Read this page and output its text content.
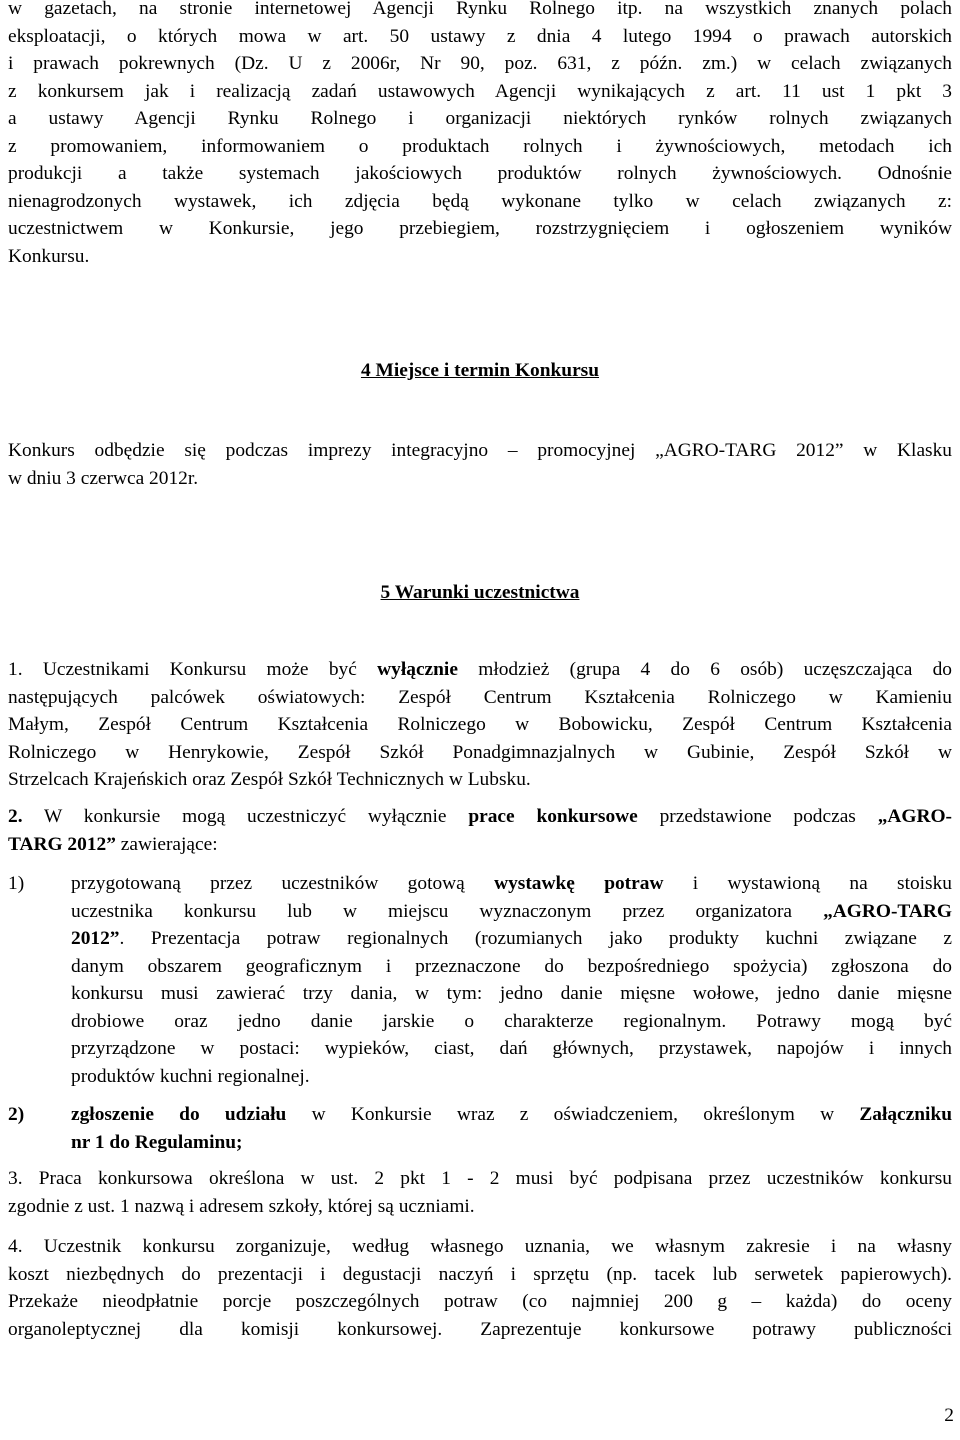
w gazetach, na stronie internetowej Agencji Rynku Rolnego itp. na wszystkich znanych polach

eksploatacji, o których mowa w art. 50 ustawy z dnia 4 lutego 1994 o prawach autorskich

i prawach pokrewnych (Dz. U z 2006r, Nr 90, poz. 631, z późn. zm.) w celach związanych

z konkursem jak i realizacją zadań ustawowych Agencji wynikających z art. 11 ust 1 pkt 3

a ustawy Agencji Rynku Rolnego i organizacji niektórych rynków rolnych związanych

z promowaniem, informowaniem o produktach rolnych i żywnościowych, metodach ich

produkcji a także systemach jakościowych produktów rolnych żywnościowych. Odnośnie

nienagrodzonych wystawek, ich zdjęcia będą wykonane tylko w celach związanych z:

uczestnictwem w Konkursie, jego przebiegiem, rozstrzygnięciem i ogłoszeniem wyników

Konkursu.

4 Miejsce i termin Konkursu

Konkurs odbędzie się podczas imprezy integracyjno – promocyjnej „AGRO-TARG 2012” w Klasku

w dniu 3 czerwca 2012r.

5 Warunki uczestnictwa

1. Uczestnikami Konkursu może być wyłącznie młodzież (grupa 4 do 6 osób) uczęszczająca do

następujących palcówek oświatowych: Zespół Centrum Kształcenia Rolniczego w Kamieniu

Małym, Zespół Centrum Kształcenia Rolniczego w Bobowicku, Zespół Centrum Kształcenia

Rolniczego w Henrykowie, Zespół Szkół Ponadgimnazjalnych w Gubinie, Zespół Szkół w

Strzelcach Krajeńskich oraz Zespół Szkół Technicznych w Lubsku.

2. W konkursie mogą uczestniczyć wyłącznie prace konkursowe przedstawione podczas „AGRO-

TARG 2012” zawierające:

1) przygotowaną przez uczestników gotową wystawkę potraw i wystawioną na stoisku

uczestnika konkursu lub w miejscu wyznaczonym przez organizatora „AGRO-TARG

2012”. Prezentacja potraw regionalnych (rozumianych jako produkty kuchni związane z

danym obszarem geograficznym i przeznaczone do bezpośredniego spożycia) zgłoszona do

konkursu musi zawierać trzy dania, w tym: jedno danie mięsne wołowe, jedno danie mięsne

drobiowe oraz jedno danie jarskie o charakterze regionalnym. Potrawy mogą być

przyrządzone w postaci: wypieków, ciast, dań głównych, przystawek, napojów i innych

produktów kuchni regionalnej.

2) zgłoszenie do udziału w Konkursie wraz z oświadczeniem, określonym w Załączniku

nr 1 do Regulaminu;

3. Praca konkursowa określona w ust. 2 pkt 1 - 2 musi być podpisana przez uczestników konkursu

zgodnie z ust. 1 nazwą i adresem szkoły, której są uczniami.

4. Uczestnik konkursu zorganizuje, według własnego uznania, we własnym zakresie i na własny

koszt niezbędnych do prezentacji i degustacji naczyń i sprzętu (np. tacek lub serwetek papierowych).

Przekaże nieodpłatnie porcje poszczególnych potraw (co najmniej 200 g – każda) do oceny

organoleptycznej dla komisji konkursowej. Zaprezentuje konkursowe potrawy publiczności

2
